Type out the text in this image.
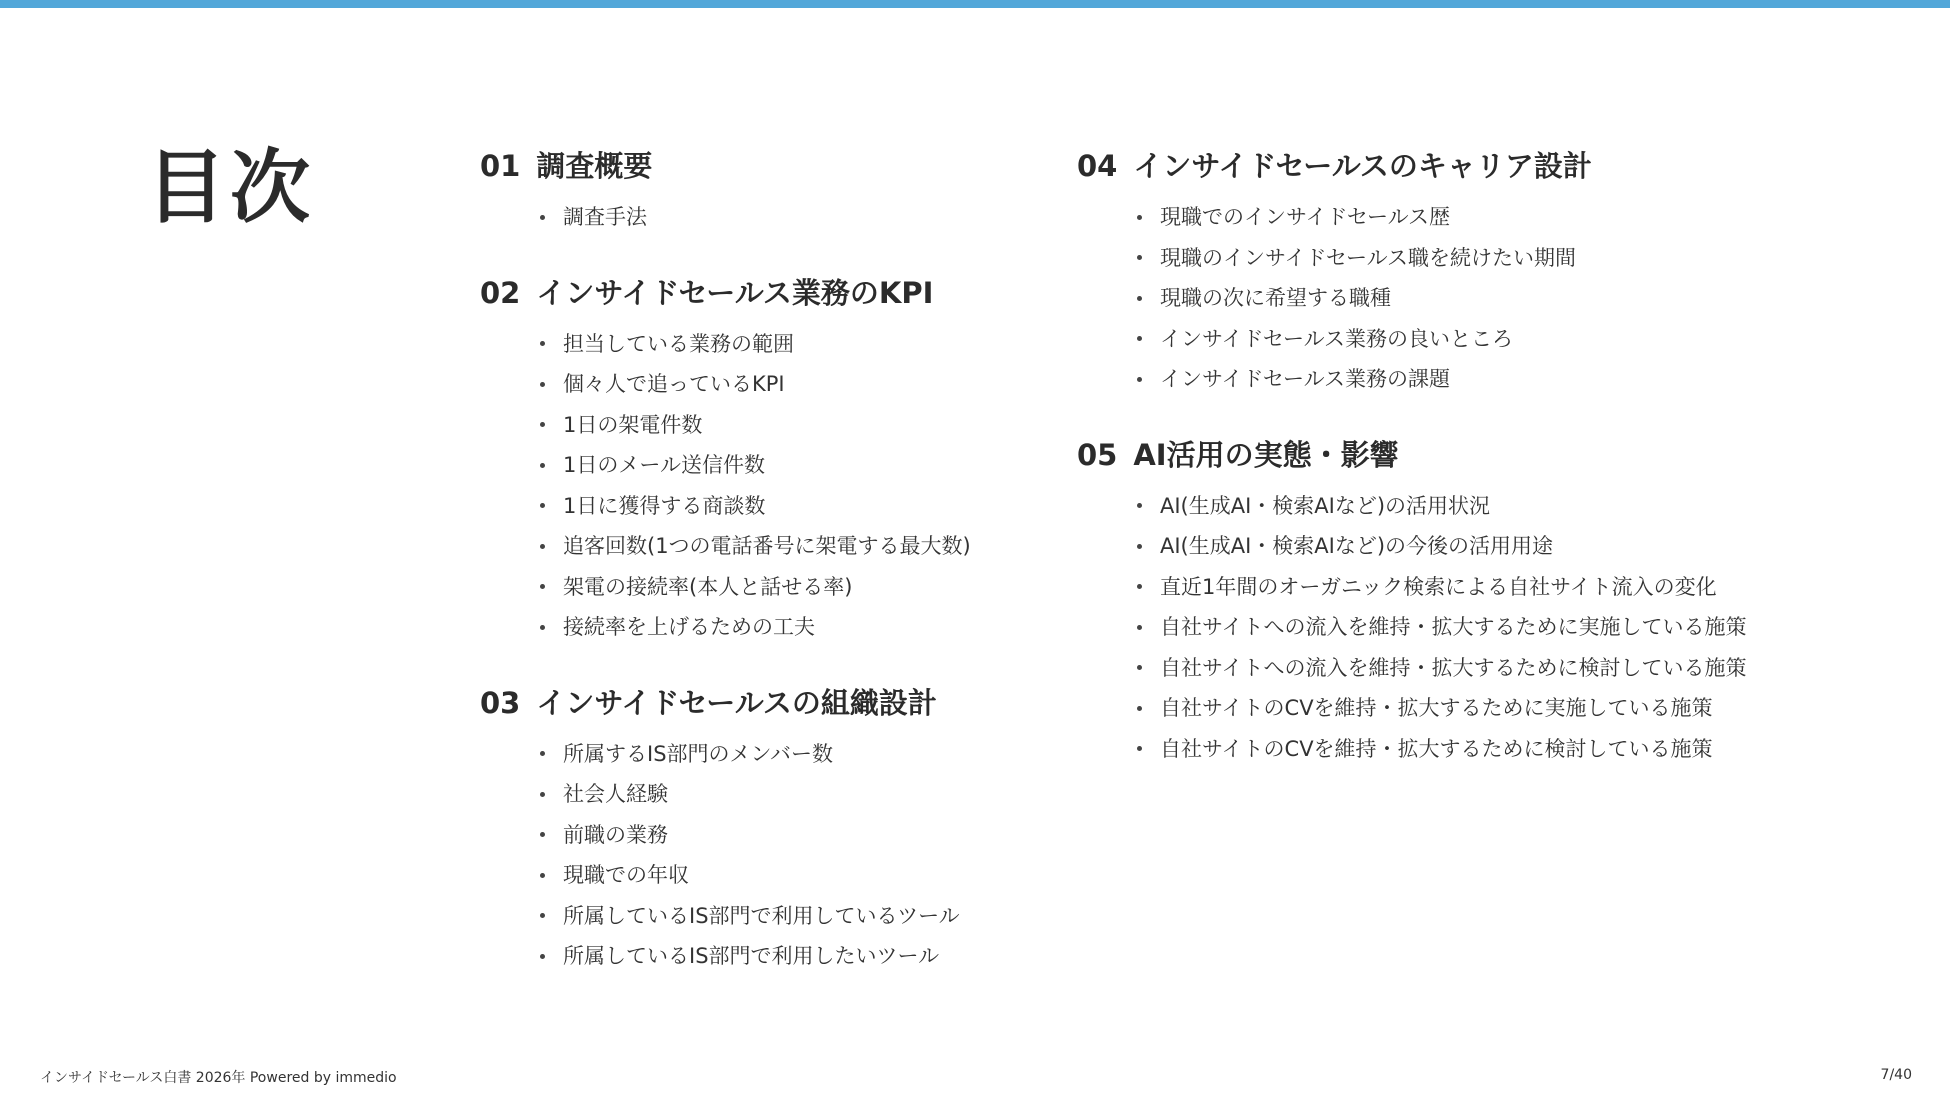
目次	01 調査概要
調査手法
02 インサイドセールス業務のKPI
担当している業務の範囲
個々人で追っているKPI
1日の架電件数
1日のメール送信件数
1日に獲得する商談数
追客回数(1つの電話番号に架電する最大数)
架電の接続率(本人と話せる率)
接続率を上げるための工夫
03 インサイドセールスの組織設計
所属するIS部門のメンバー数
社会人経験
前職の業務
現職での年収
所属しているIS部門で利用しているツール
所属しているIS部門で利用したいツール
04 インサイドセールスのキャリア設計
現職でのインサイドセールス歴
現職のインサイドセールス職を続けたい期間
現職の次に希望する職種
インサイドセールス業務の良いところ
インサイドセールス業務の課題
05 AI活用の実態・影響
AI(生成AI・検索AIなど)の活用状況
AI(生成AI・検索AIなど)の今後の活用用途
直近1年間のオーガニック検索による自社サイト流入の変化
自社サイトへの流入を維持・拡大するために実施している施策
自社サイトへの流入を維持・拡大するために検討している施策
自社サイトのCVを維持・拡大するために実施している施策
自社サイトのCVを維持・拡大するために検討している施策
インサイドセールス白書 2026年 Powered by immedio	7/40
